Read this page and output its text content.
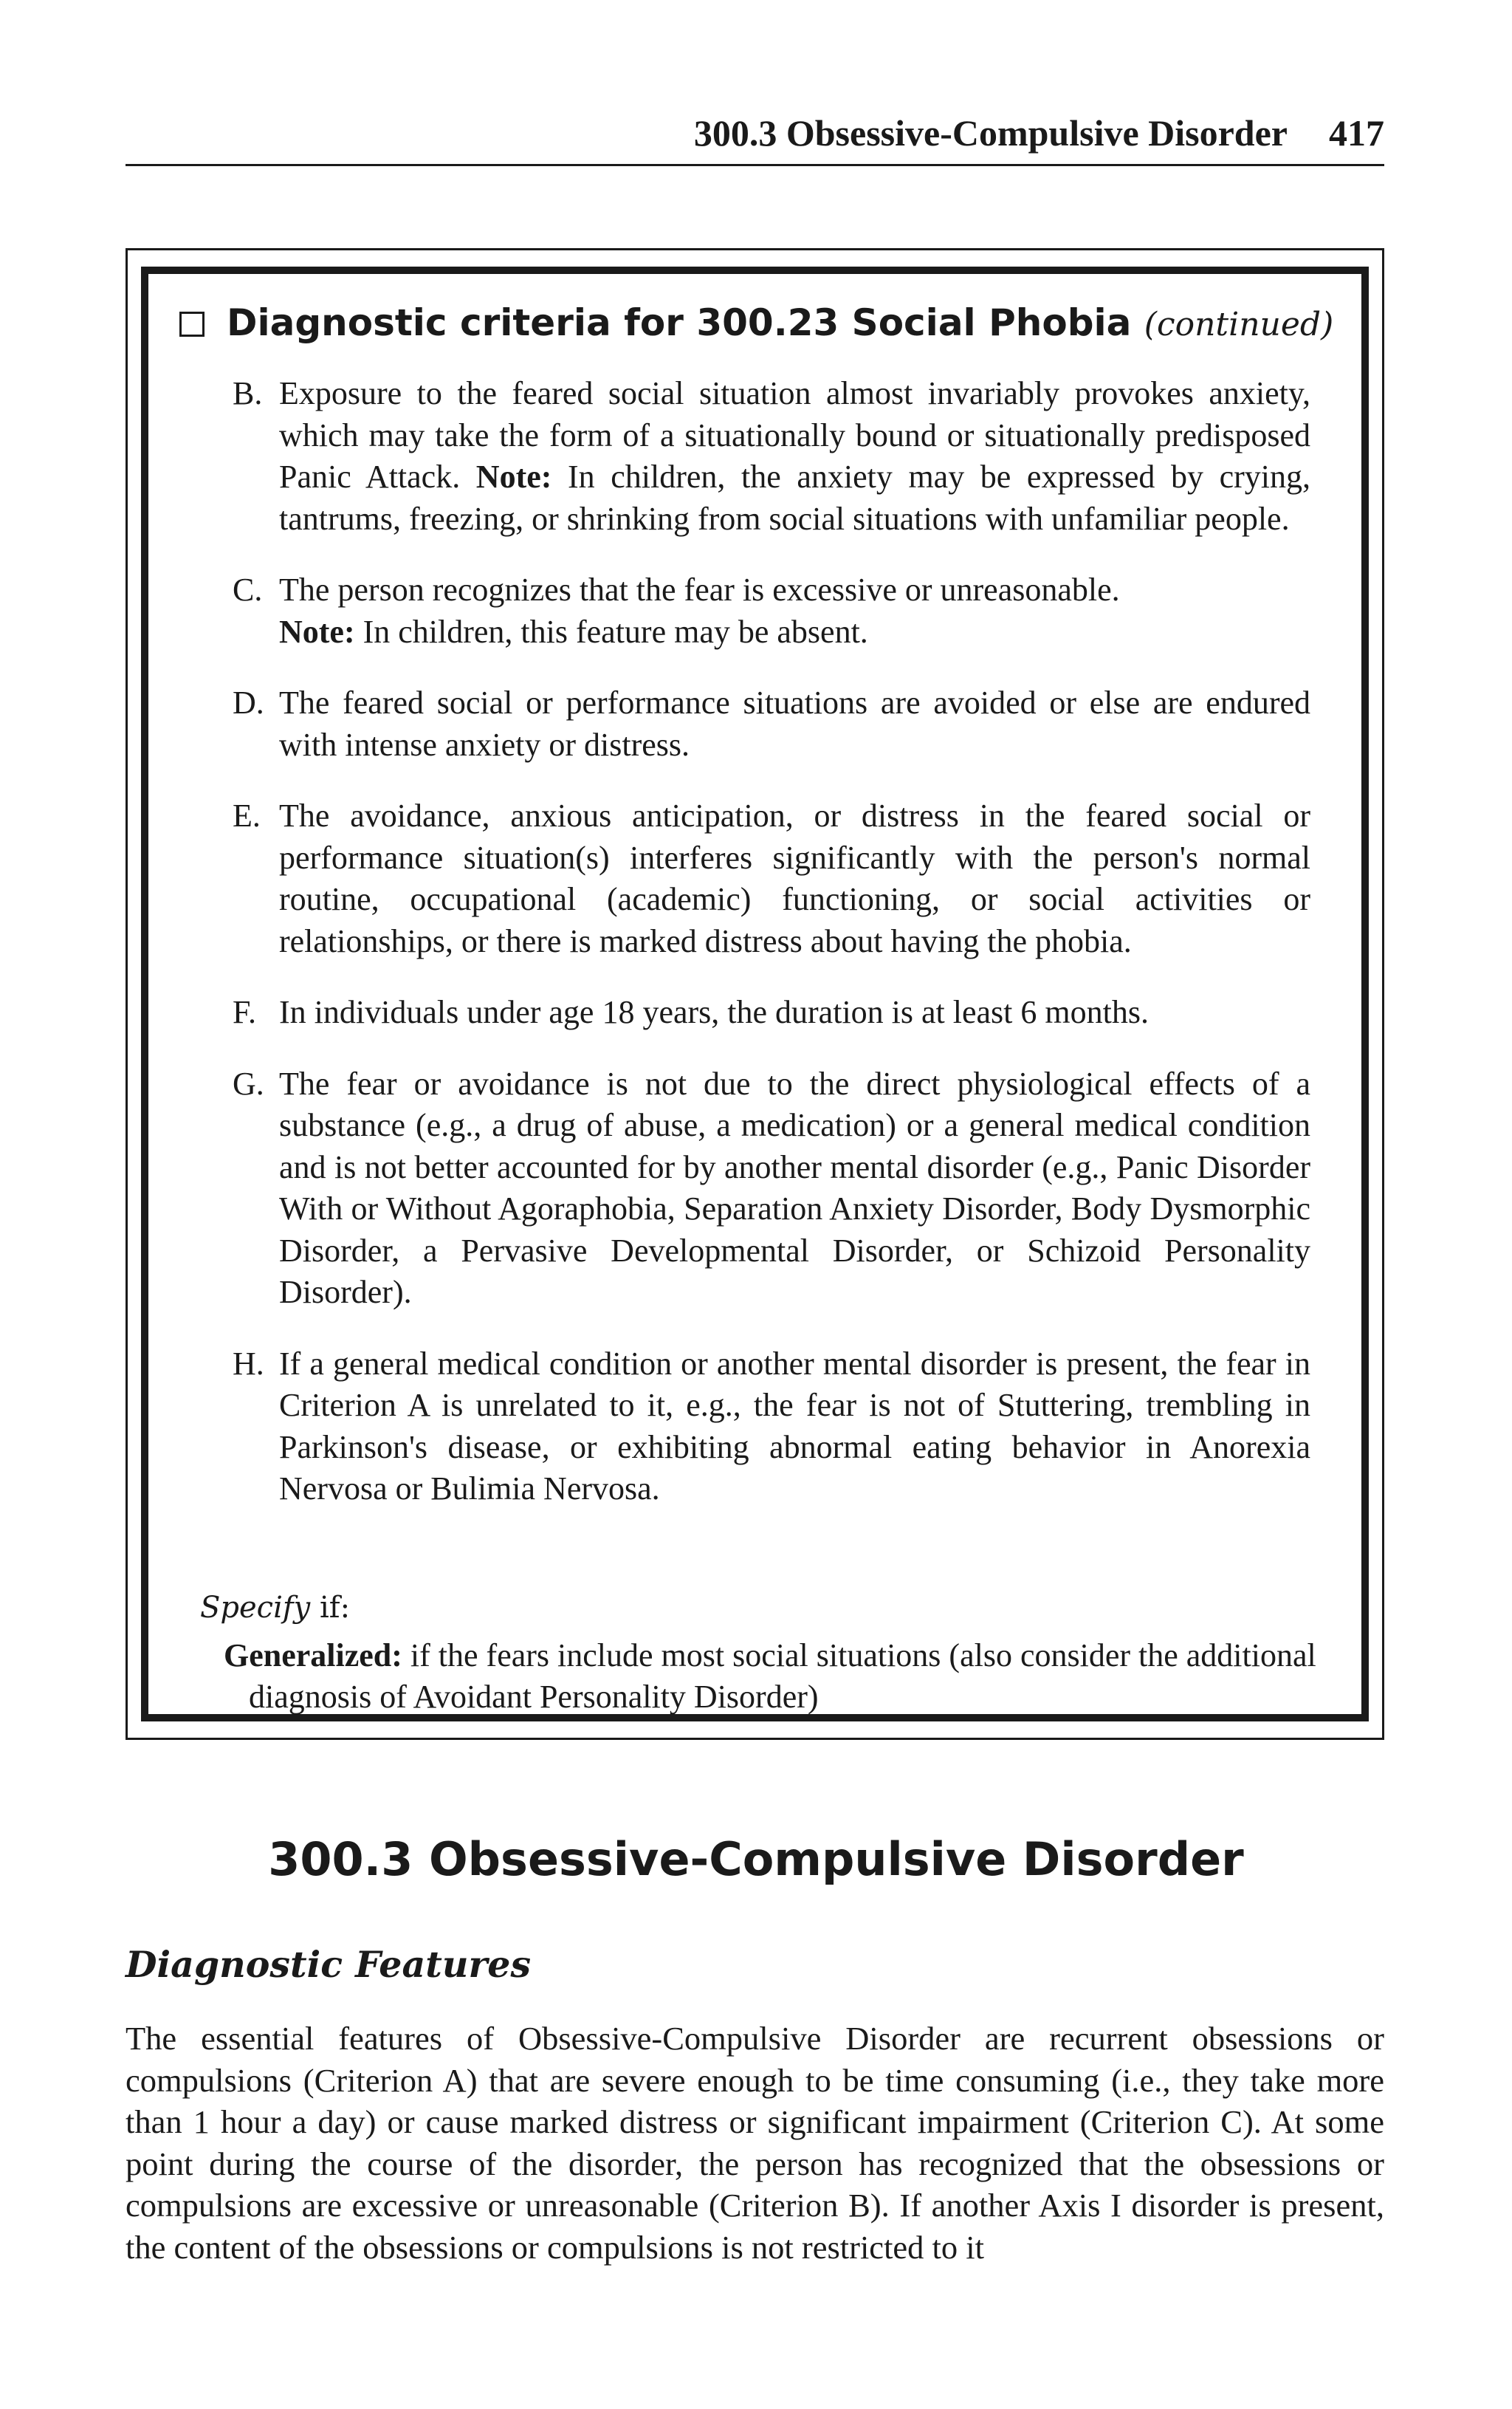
300.3 Obsessive-Compulsive Disorder 417
Diagnostic criteria for 300.23 Social Phobia (continued)
B. Exposure to the feared social situation almost invariably provokes anxiety, which may take the form of a situationally bound or situationally predisposed Panic Attack. Note: In children, the anxiety may be expressed by crying, tantrums, freezing, or shrinking from social situations with unfamiliar people.
C. The person recognizes that the fear is excessive or unreasonable.
Note: In children, this feature may be absent.
D. The feared social or performance situations are avoided or else are endured with intense anxiety or distress.
E. The avoidance, anxious anticipation, or distress in the feared social or performance situation(s) interferes significantly with the person's normal routine, occupational (academic) functioning, or social activities or relationships, or there is marked distress about having the phobia.
F. In individuals under age 18 years, the duration is at least 6 months.
G. The fear or avoidance is not due to the direct physiological effects of a substance (e.g., a drug of abuse, a medication) or a general medical condition and is not better accounted for by another mental disorder (e.g., Panic Disorder With or Without Agoraphobia, Separation Anxiety Disorder, Body Dysmorphic Disorder, a Pervasive Developmental Disorder, or Schizoid Personality Disorder).
H. If a general medical condition or another mental disorder is present, the fear in Criterion A is unrelated to it, e.g., the fear is not of Stuttering, trembling in Parkinson's disease, or exhibiting abnormal eating behavior in Anorexia Nervosa or Bulimia Nervosa.
Specify if:
Generalized: if the fears include most social situations (also consider the additional diagnosis of Avoidant Personality Disorder)
300.3 Obsessive-Compulsive Disorder
Diagnostic Features
The essential features of Obsessive-Compulsive Disorder are recurrent obsessions or compulsions (Criterion A) that are severe enough to be time consuming (i.e., they take more than 1 hour a day) or cause marked distress or significant impairment (Criterion C). At some point during the course of the disorder, the person has recognized that the obsessions or compulsions are excessive or unreasonable (Criterion B). If another Axis I disorder is present, the content of the obsessions or compulsions is not restricted to it
